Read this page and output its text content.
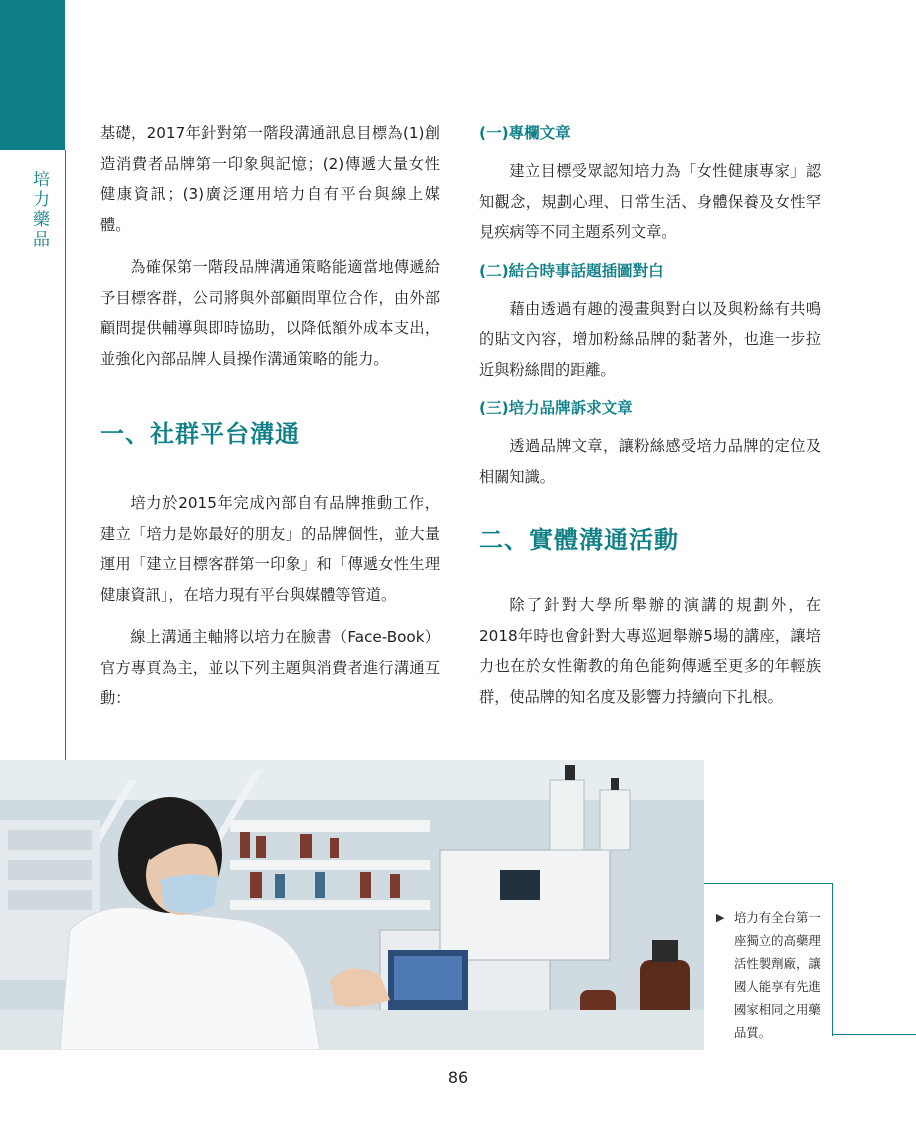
培力藥品

基礎，2017年針對第一階段溝通訊息目標為(1)創造消費者品牌第一印象與記憶；(2)傳遞大量女性健康資訊；(3)廣泛運用培力自有平台與線上媒體。

為確保第一階段品牌溝通策略能適當地傳遞給予目標客群，公司將與外部顧問單位合作，由外部顧問提供輔導與即時協助，以降低額外成本支出，並強化內部品牌人員操作溝通策略的能力。

一、社群平台溝通

培力於2015年完成內部自有品牌推動工作，建立「培力是妳最好的朋友」的品牌個性，並大量運用「建立目標客群第一印象」和「傳遞女性生理健康資訊」，在培力現有平台與媒體等管道。

線上溝通主軸將以培力在臉書（Face-Book）官方專頁為主，並以下列主題與消費者進行溝通互動：

(一)專欄文章

建立目標受眾認知培力為「女性健康專家」認知觀念，規劃心理、日常生活、身體保養及女性罕見疾病等不同主題系列文章。

(二)結合時事話題插圖對白

藉由透過有趣的漫畫與對白以及與粉絲有共鳴的貼文內容，增加粉絲品牌的黏著外，也進一步拉近與粉絲間的距離。

(三)培力品牌訴求文章

透過品牌文章，讓粉絲感受培力品牌的定位及相關知識。

二、實體溝通活動

除了針對大學所舉辦的演講的規劃外，在2018年時也會針對大專巡迴舉辦5場的講座，讓培力也在於女性衛教的角色能夠傳遞至更多的年輕族群，使品牌的知名度及影響力持續向下扎根。

▶ 培力有全台第一座獨立的高藥理活性製劑廠，讓國人能享有先進國家相同之用藥品質。
86
